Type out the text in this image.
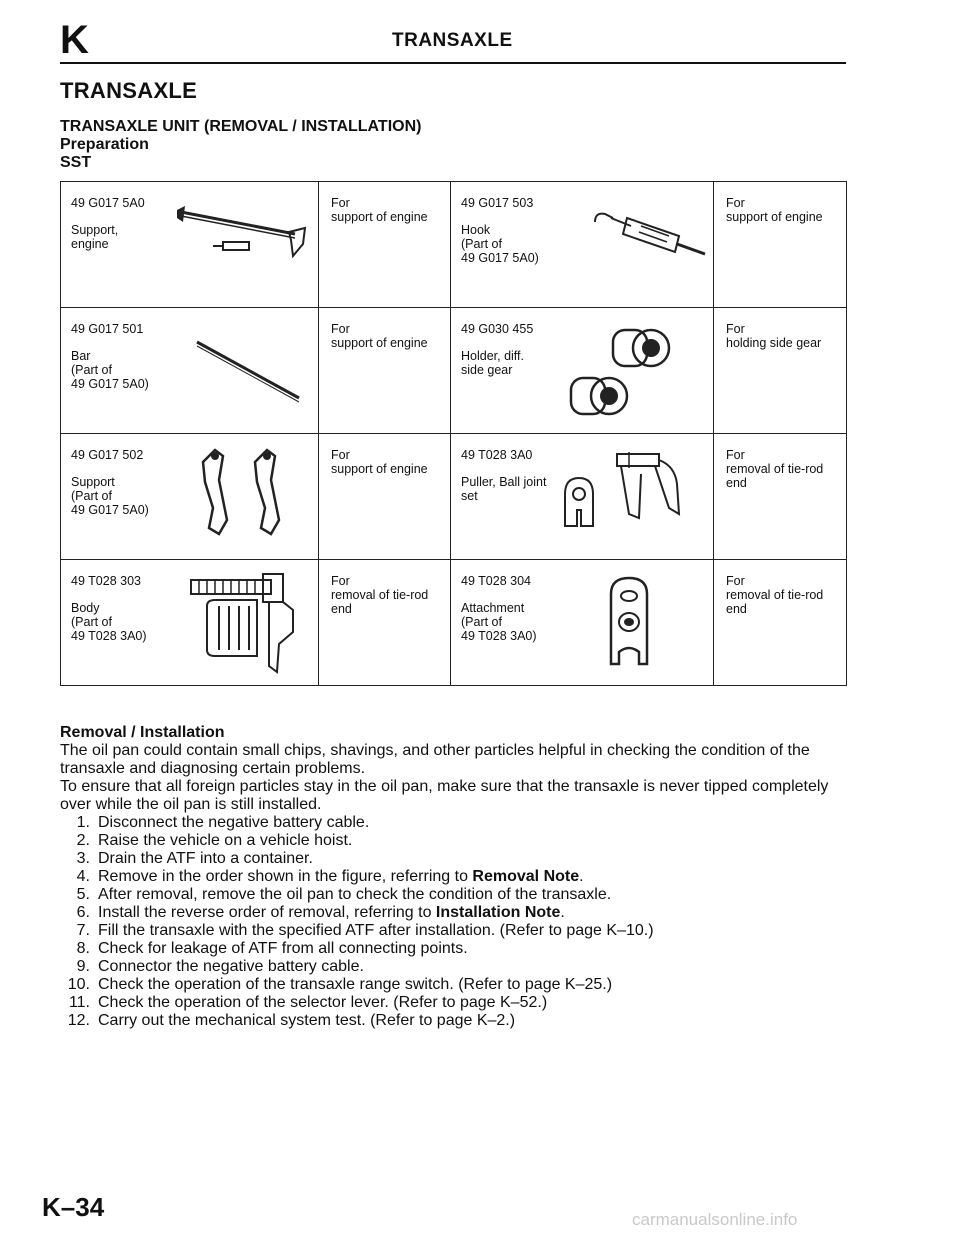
K	TRANSAXLE
TRANSAXLE
TRANSAXLE UNIT (REMOVAL / INSTALLATION)
Preparation
SST
49 G017 5A0
Support,
engine	For
support of engine	49 G017 503
Hook
(Part of
49 G017 5A0)	For
support of engine

49 G017 501
Bar
(Part of
49 G017 5A0)	For
support of engine	49 G030 455
Holder, diff.
side gear	For
holding side gear

49 G017 502
Support
(Part of
49 G017 5A0)	For
support of engine	49 T028 3A0
Puller, Ball joint
set	For
removal of tie-rod
end

49 T028 303
Body
(Part of
49 T028 3A0)	For
removal of tie-rod
end	49 T028 304
Attachment
(Part of
49 T028 3A0)	For
removal of tie-rod
end
Removal / Installation
The oil pan could contain small chips, shavings, and other particles helpful in checking the condition of the transaxle and diagnosing certain problems.
To ensure that all foreign particles stay in the oil pan, make sure that the transaxle is never tipped completely over while the oil pan is still installed.
1. Disconnect the negative battery cable.
2. Raise the vehicle on a vehicle hoist.
3. Drain the ATF into a container.
4. Remove in the order shown in the figure, referring to Removal Note.
5. After removal, remove the oil pan to check the condition of the transaxle.
6. Install the reverse order of removal, referring to Installation Note.
7. Fill the transaxle with the specified ATF after installation. (Refer to page K–10.)
8. Check for leakage of ATF from all connecting points.
9. Connector the negative battery cable.
10. Check the operation of the transaxle range switch. (Refer to page K–25.)
11. Check the operation of the selector lever. (Refer to page K–52.)
12. Carry out the mechanical system test. (Refer to page K–2.)
K–34	carmanualsonline.info
